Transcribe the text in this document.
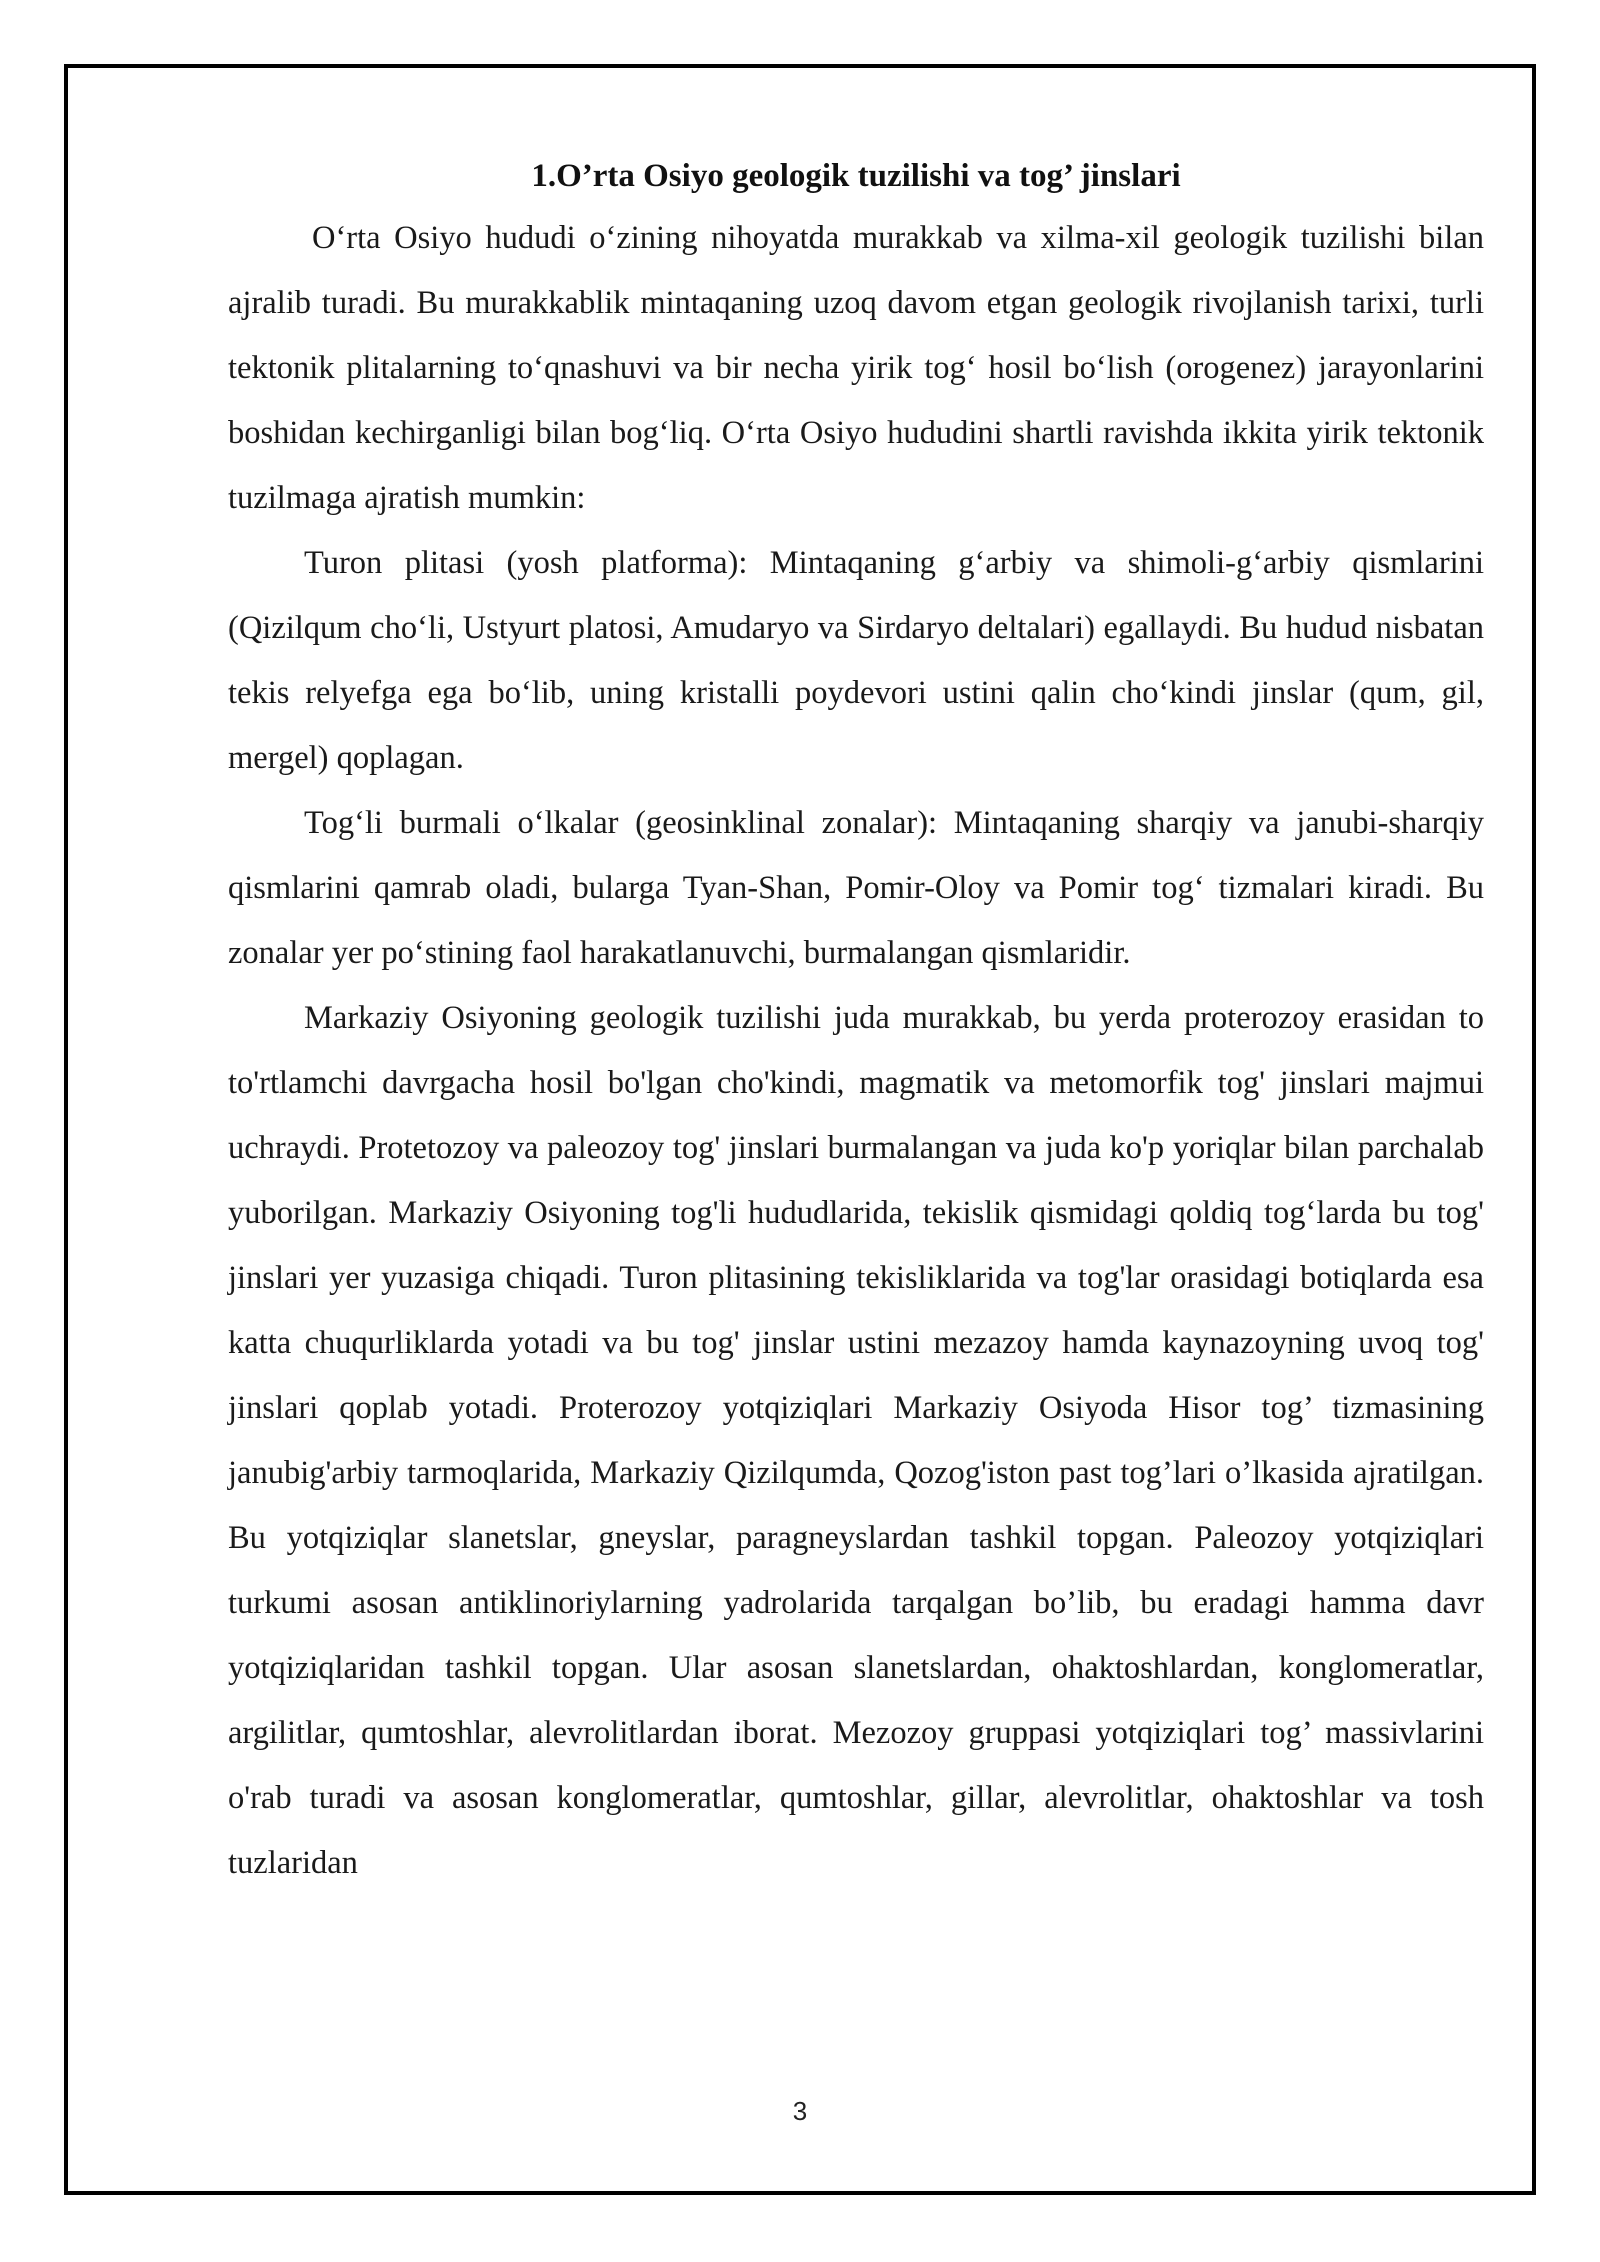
1.O’rta Osiyo geologik tuzilishi va tog’ jinslari

O‘rta Osiyo hududi o‘zining nihoyatda murakkab va xilma-xil geologik tuzilishi bilan ajralib turadi. Bu murakkablik mintaqaning uzoq davom etgan geologik rivojlanish tarixi, turli tektonik plitalarning to‘qnashuvi va bir necha yirik tog‘ hosil bo‘lish (orogenez) jarayonlarini boshidan kechirganligi bilan bog‘liq. O‘rta Osiyo hududini shartli ravishda ikkita yirik tektonik tuzilmaga ajratish mumkin:

Turon plitasi (yosh platforma): Mintaqaning g‘arbiy va shimoli-g‘arbiy qismlarini (Qizilqum cho‘li, Ustyurt platosi, Amudaryo va Sirdaryo deltalari) egallaydi. Bu hudud nisbatan tekis relyefga ega bo‘lib, uning kristalli poydevori ustini qalin cho‘kindi jinslar (qum, gil, mergel) qoplagan.

Tog‘li burmali o‘lkalar (geosinklinal zonalar): Mintaqaning sharqiy va janubi-sharqiy qismlarini qamrab oladi, bularga Tyan-Shan, Pomir-Oloy va Pomir tog‘ tizmalari kiradi. Bu zonalar yer po‘stining faol harakatlanuvchi, burmalangan qismlaridir.

Markaziy Osiyoning geologik tuzilishi juda murakkab, bu yerda proterozoy erasidan to to'rtlamchi davrgacha hosil bo'lgan cho'kindi, magmatik va metomorfik tog' jinslari majmui uchraydi. Protetozoy va paleozoy tog' jinslari burmalangan va juda ko'p yoriqlar bilan parchalab yuborilgan. Markaziy Osiyoning tog'li hududlarida, tekislik qismidagi qoldiq tog‘larda bu tog' jinslari yer yuzasiga chiqadi. Turon plitasining tekisliklarida va tog'lar orasidagi botiqlarda esa katta chuqurliklarda yotadi va bu tog' jinslar ustini mezazoy hamda kaynazoyning uvoq tog' jinslari qoplab yotadi. Proterozoy yotqiziqlari Markaziy Osiyoda Hisor tog’ tizmasining janubig'arbiy tarmoqlarida, Markaziy Qizilqumda, Qozog'iston past tog’lari o’lkasida ajratilgan. Bu yotqiziqlar slanetslar, gneyslar, paragneyslardan tashkil topgan. Paleozoy yotqiziqlari turkumi asosan antiklinoriylarning yadrolarida tarqalgan bo’lib, bu eradagi hamma davr yotqiziqlaridan tashkil topgan. Ular asosan slanetslardan, ohaktoshlardan, konglomeratlar, argilitlar, qumtoshlar, alevrolitlardan iborat. Mezozoy gruppasi yotqiziqlari tog’ massivlarini o'rab turadi va asosan konglomeratlar, qumtoshlar, gillar, alevrolitlar, ohaktoshlar va tosh tuzlaridan

3
